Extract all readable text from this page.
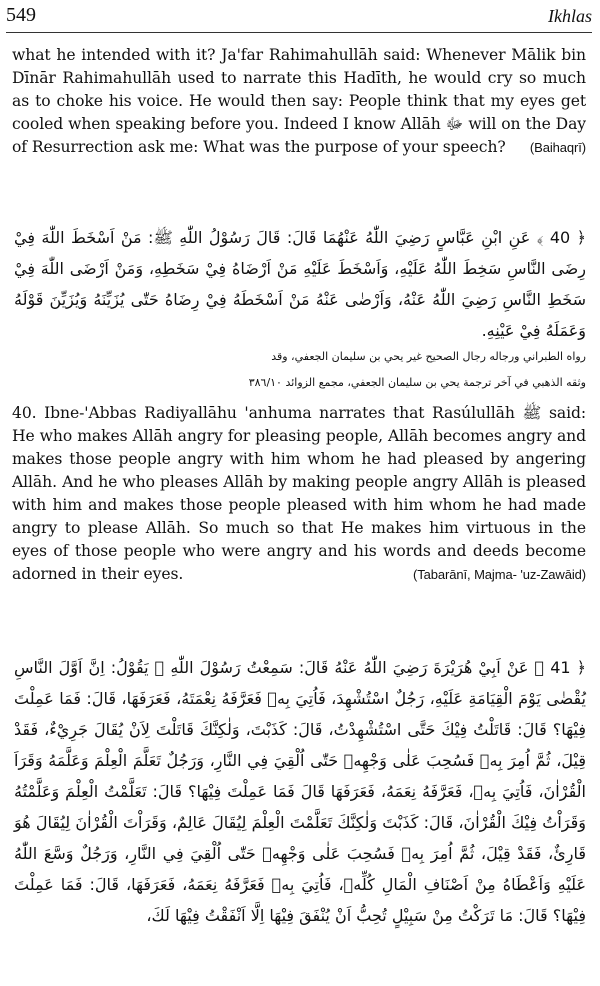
549	Ikhlas

what he intended with it? Ja'far Rahimahullāh said: Whenever Mālik bin Dīnār Rahimahullāh used to narrate this Hadīth, he would cry so much as to choke his voice. He would then say: People think that my eyes get cooled when speaking before you. Indeed I know Allāh ﷻ will on the Day of Resurrection ask me: What was the purpose of your speech? (Baihaqrī)

﴿ 40 ﴾ عَنِ ابْنِ عَبَّاسٍ رَضِيَ اللّٰهُ عَنْهُمَا قَالَ: قَالَ رَسُوْلُ اللّٰهِ ﷺ: مَنْ اَسْخَطَ اللّٰهَ فِيْ رِضَى النَّاسِ سَخِطَ اللّٰهُ عَلَيْهِ، وَاَسْخَطَ عَلَيْهِ مَنْ اَرْضَاهُ فِيْ سَخَطِهِ، وَمَنْ اَرْضَى اللّٰهَ فِيْ سَخَطِ النَّاسِ رَضِيَ اللّٰهُ عَنْهُ، وَاَرْضٰى عَنْهُ مَنْ اَسْخَطَهُ فِيْ رِضَاهُ حَتّٰى يُزَيِّنَهُ وَيُزَيِّنَ قَوْلَهُ وَعَمَلَهُ فِيْ عَيْنِهِ.

رواه الطبراني ورجاله رجال الصحيح غير يحي بن سليمان الجعفي، وقد
وثقه الذهبي في آخر ترجمة يحي بن سليمان الجعفي، مجمع الزوائد ٣٨٦/١٠

40. Ibne-'Abbas Radiyallāhu 'anhuma narrates that Rasúlullāh ﷺ said: He who makes Allāh angry for pleasing people, Allāh becomes angry and makes those people angry with him whom he had pleased by angering Allāh. And he who pleases Allāh by making people angry Allāh is pleased with him and makes those people pleased with him whom he had made angry to please Allāh. So much so that He makes him virtuous in the eyes of those people who were angry and his words and deeds become adorned in their eyes.	(Tabarānī, Majma- 'uz-Zawāid)

﴿ 41 ﴾ عَنْ اَبِيْ هُرَيْرَةَ رَضِيَ اللّٰهُ عَنْهُ قَالَ: سَمِعْتُ رَسُوْلَ اللّٰهِ ﷺ يَقُوْلُ: اِنَّ اَوَّلَ النَّاسِ يُقْضٰى يَوْمَ الْقِيَامَةِ عَلَيْهِ، رَجُلٌ اسْتُشْهِدَ، فَاُتِيَ بِهٖ فَعَرَّفَهُ نِعْمَتَهُ، فَعَرَفَهَا، قَالَ: فَمَا عَمِلْتَ فِيْهَا؟ قَالَ: قَاتَلْتُ فِيْكَ حَتَّى اسْتُشْهِدْتُ، قَالَ: كَذَبْتَ، وَلٰكِنَّكَ قَاتَلْتَ لِاَنْ يُقَالَ جَرِيْءٌ، فَقَدْ قِيْلَ، ثُمَّ اُمِرَ بِهٖ فَسُحِبَ عَلٰى وَجْهِهٖ حَتّٰى اُلْقِيَ فِي النَّارِ، وَرَجُلٌ تَعَلَّمَ الْعِلْمَ وَعَلَّمَهُ وَقَرَاَ الْقُرْاٰنَ، فَاُتِيَ بِهٖ، فَعَرَّفَهُ نِعَمَهُ، فَعَرَفَهَا قَالَ فَمَا عَمِلْتَ فِيْهَا؟ قَالَ: تَعَلَّمْتُ الْعِلْمَ وَعَلَّمْتُهُ وَقَرَاْتُ فِيْكَ الْقُرْاٰنَ، قَالَ: كَذَبْتَ وَلٰكِنَّكَ تَعَلَّمْتَ الْعِلْمَ لِيُقَالَ عَالِمٌ، وَقَرَاْتَ الْقُرْاٰنَ لِيُقَالَ هُوَ قَارِئٌ، فَقَدْ قِيْلَ، ثُمَّ اُمِرَ بِهٖ فَسُحِبَ عَلٰى وَجْهِهٖ حَتّٰى اُلْقِيَ فِي النَّارِ، وَرَجُلٌ وَسَّعَ اللّٰهُ عَلَيْهِ وَاَعْطَاهُ مِنْ اَصْنَافِ الْمَالِ كُلِّهٖ، فَاُتِيَ بِهٖ فَعَرَّفَهُ نِعَمَهُ، فَعَرَفَهَا، قَالَ: فَمَا عَمِلْتَ فِيْهَا؟ قَالَ: مَا تَرَكْتُ مِنْ سَبِيْلٍ تُحِبُّ اَنْ يُنْفَقَ فِيْهَا اِلَّا اَنْفَقْتُ فِيْهَا لَكَ،
